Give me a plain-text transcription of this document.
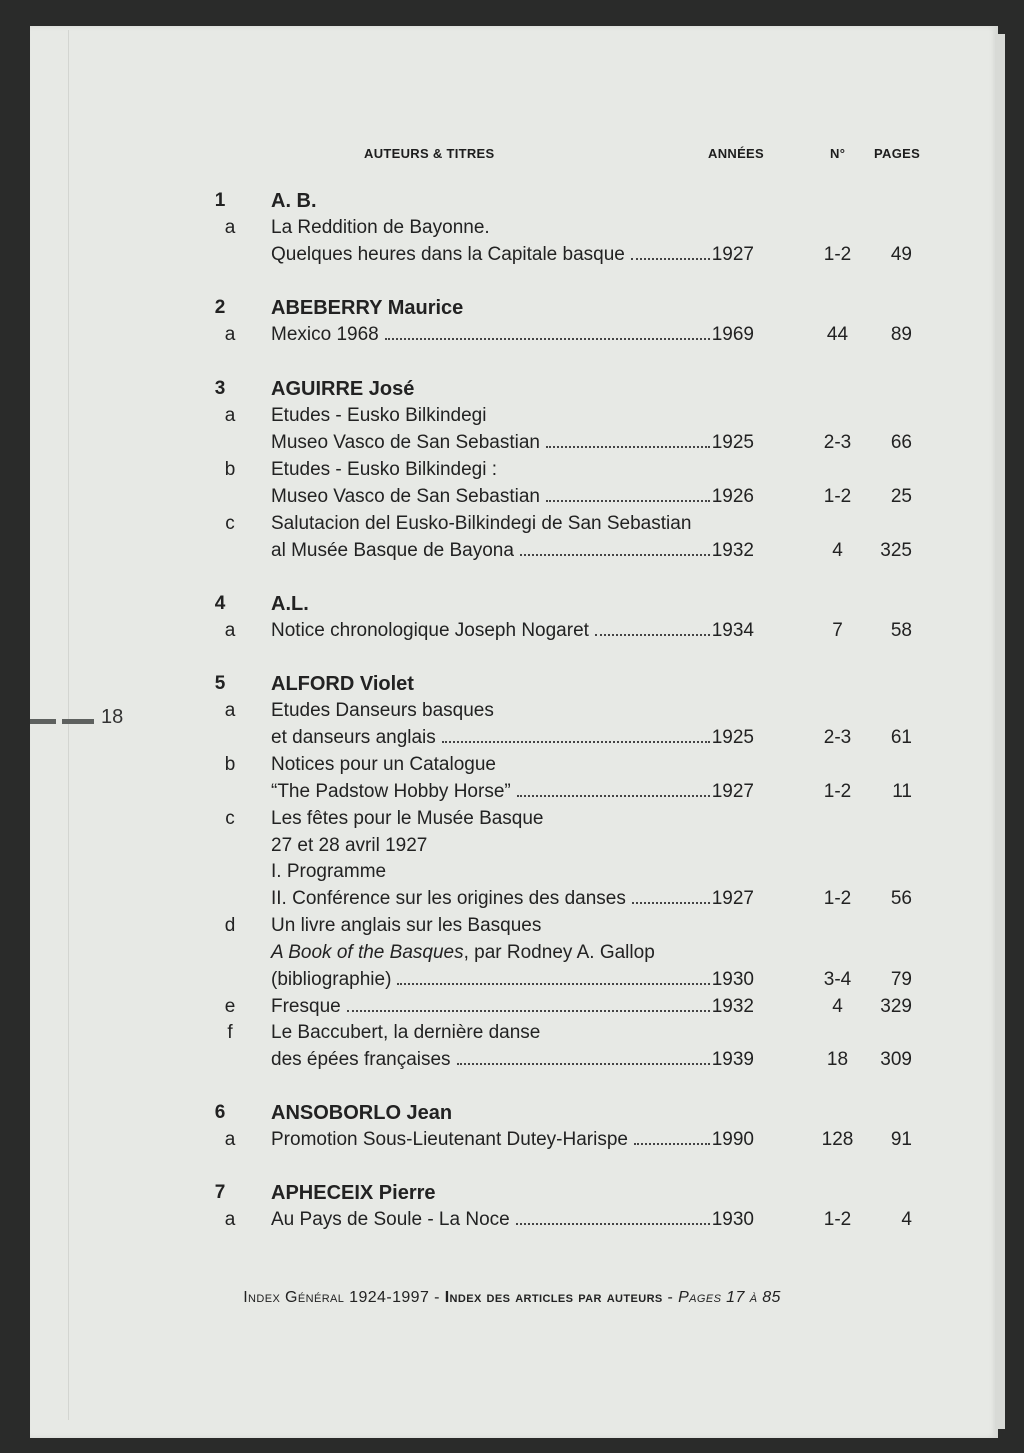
18
AUTEURS & TITRES	ANNÉES	N° PAGES
1	A. B.
a	La Reddition de Bayonne.
Quelques heures dans la Capitale basque	1927	1-2	49
2	ABEBERRY Maurice
a	Mexico 1968	1969	44	89
3	AGUIRRE José
a	Etudes - Eusko Bilkindegi
Museo Vasco de San Sebastian	1925	2-3	66
b	Etudes - Eusko Bilkindegi :
Museo Vasco de San Sebastian	1926	1-2	25
c	Salutacion del Eusko-Bilkindegi de San Sebastian
al Musée Basque de Bayona	1932	4	325
4	A.L.
a	Notice chronologique Joseph Nogaret	1934	7	58
5	ALFORD Violet
a	Etudes Danseurs basques
et danseurs anglais	1925	2-3	61
b	Notices pour un Catalogue
“The Padstow Hobby Horse”	1927	1-2	11
c	Les fêtes pour le Musée Basque
27 et 28 avril 1927
I. Programme
II. Conférence sur les origines des danses	1927	1-2	56
d	Un livre anglais sur les Basques
A Book of the Basques, par Rodney A. Gallop
(bibliographie)	1930	3-4	79
e	Fresque	1932	4	329
f	Le Baccubert, la dernière danse
des épées françaises	1939	18	309
6	ANSOBORLO Jean
a	Promotion Sous-Lieutenant Dutey-Harispe	1990	128	91
7	APHECEIX Pierre
a	Au Pays de Soule - La Noce	1930	1-2	4
Index Général 1924-1997 - Index des articles par auteurs - Pages 17 à 85
